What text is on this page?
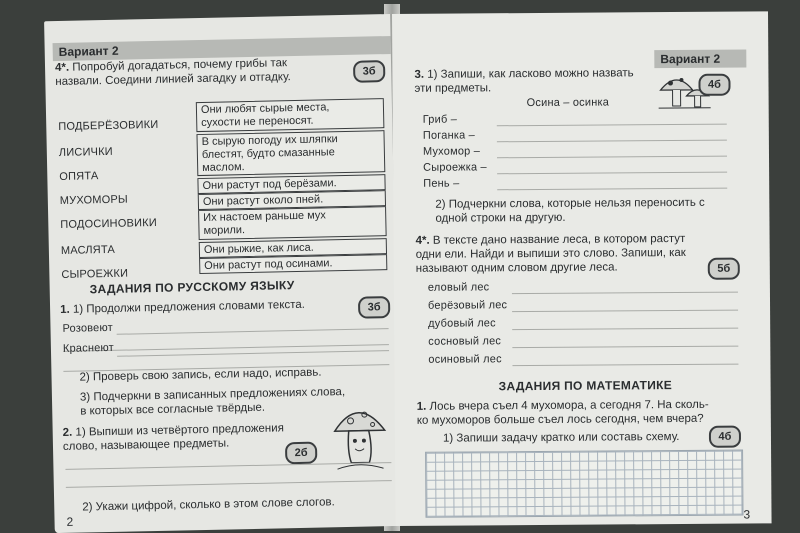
Вариант 2
4*. Попробуй догадаться, почему грибы так
назвали. Соедини линией загадку и отгадку.	3б
ЗАДАНИЯ ПО РУССКОМУ ЯЗЫКУ
1. 1) Продолжи предложения словами текста.	3б
Розовеют
Краснеют
2) Проверь свою запись, если надо, исправь.
3) Подчеркни в записанных предложениях слова,
в которых все согласные твёрдые.
2. 1) Выпиши из четвёртого предложения
слово, называющее предметы.
2б
2) Укажи цифрой, сколько в этом слове слогов.
2
ПОДБЕРЁЗОВИКИ
ЛИСИЧКИ
ОПЯТА
МУХОМОРЫ
ПОДОСИНОВИКИ
МАСЛЯТА
СЫРОЕЖКИ
Они любят сырые места,
сухости не переносят.
В сырую погоду их шляпки
блестят, будто смазанные
маслом.
Они растут под берёзами.
Они растут около пней.
Их настоем раньше мух
морили.
Они рыжие, как лиса.
Они растут под осинами.
Вариант 2
3. 1) Запиши, как ласково можно назвать
эти предметы.	4б
Осина – осинка
2) Подчеркни слова, которые нельзя переносить с
одной строки на другую.
4*. В тексте дано название леса, в котором растут
одни ели. Найди и выпиши это слово. Запиши, как
называют одним словом другие леса.	5б
ЗАДАНИЯ ПО МАТЕМАТИКЕ
1. Лось вчера съел 4 мухомора, а сегодня 7. На сколь-
ко мухоморов больше съел лось сегодня, чем вчера?
1) Запиши задачу кратко или составь схему.	4б
3
Гриб –
Поганка –
Мухомор –
Сыроежка –
Пень –
еловый лес
берёзовый лес
дубовый лес
сосновый лес
осиновый лес
